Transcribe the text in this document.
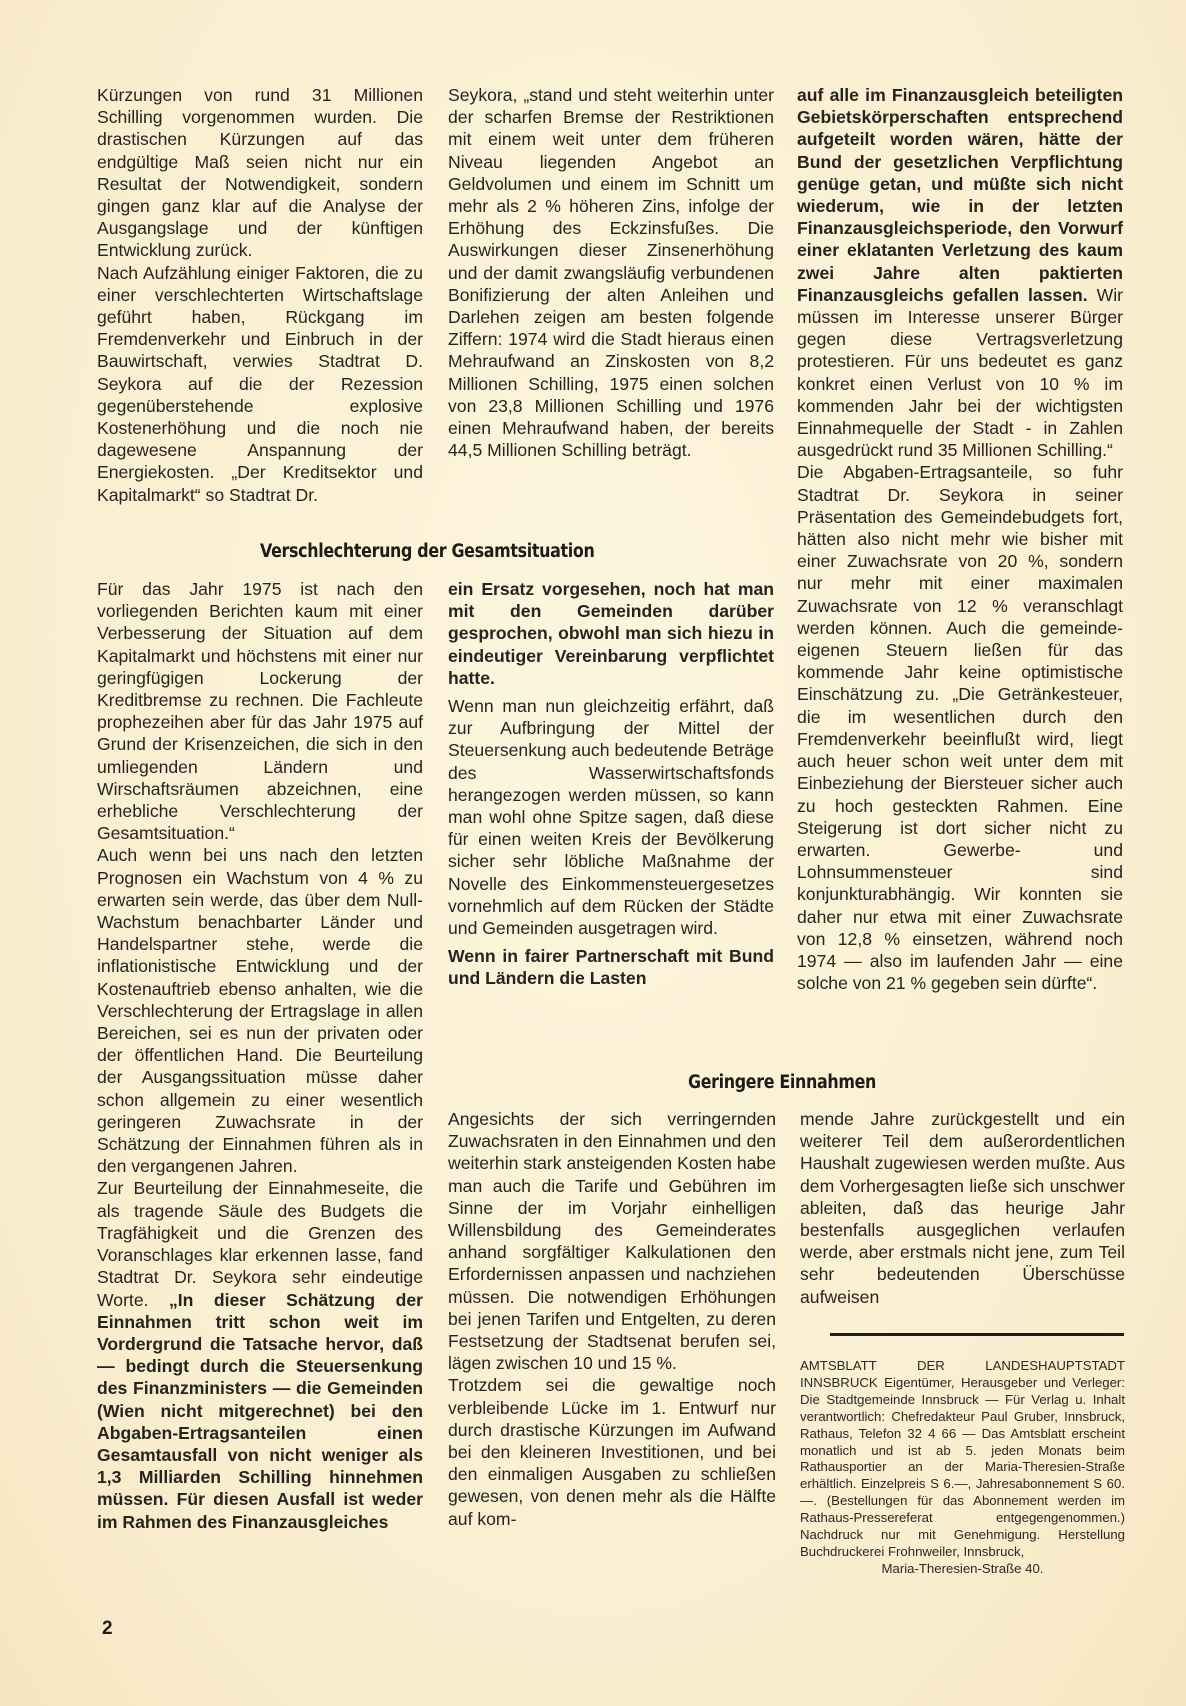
Kürzungen von rund 31 Millionen Schilling vorgenommen wurden. Die drastischen Kürzungen auf das endgültige Maß seien nicht nur ein Resultat der Notwendigkeit, sondern gingen ganz klar auf die Analyse der Ausgangslage und der künftigen Entwicklung zurück.

Nach Aufzählung einiger Faktoren, die zu einer verschlechterten Wirtschaftslage geführt haben, Rückgang im Fremdenverkehr und Einbruch in der Bauwirtschaft, verwies Stadtrat D. Seykora auf die der Rezession gegenüberstehende explosive Kostenerhöhung und die noch nie dagewesene Anspannung der Energiekosten. „Der Kreditsektor und Kapitalmarkt“ so Stadtrat Dr.

Seykora, „stand und steht weiterhin unter der scharfen Bremse der Restriktionen mit einem weit unter dem früheren Niveau liegenden Angebot an Geldvolumen und einem im Schnitt um mehr als 2 % höheren Zins, infolge der Erhöhung des Eckzinsfußes. Die Auswirkungen dieser Zinsenerhöhung und der damit zwangsläufig verbundenen Bonifizierung der alten Anleihen und Darlehen zeigen am besten folgende Ziffern: 1974 wird die Stadt hieraus einen Mehraufwand an Zinskosten von 8,2 Millionen Schilling, 1975 einen solchen von 23,8 Millionen Schilling und 1976 einen Mehraufwand haben, der bereits 44,5 Millionen Schilling beträgt.

auf alle im Finanzausgleich beteiligten Gebietskörperschaften entsprechend aufgeteilt worden wären, hätte der Bund der gesetzlichen Verpflichtung genüge getan, und müßte sich nicht wiederum, wie in der letzten Finanzausgleichsperiode, den Vorwurf einer eklatanten Verletzung des kaum zwei Jahre alten paktierten Finanzausgleichs gefallen lassen. Wir müssen im Interesse unserer Bürger gegen diese Vertragsverletzung protestieren. Für uns bedeutet es ganz konkret einen Verlust von 10 % im kommenden Jahr bei der wichtigsten Einnahmequelle der Stadt - in Zahlen ausgedrückt rund 35 Millionen Schilling.“

Die Abgaben-Ertragsanteile, so fuhr Stadtrat Dr. Seykora in seiner Präsentation des Gemeindebudgets fort, hätten also nicht mehr wie bisher mit einer Zuwachsrate von 20 %, sondern nur mehr mit einer maximalen Zuwachsrate von 12 % veranschlagt werden können. Auch die gemeinde-eigenen Steuern ließen für das kommende Jahr keine optimistische Einschätzung zu. „Die Getränkesteuer, die im wesentlichen durch den Fremdenverkehr beeinflußt wird, liegt auch heuer schon weit unter dem mit Einbeziehung der Biersteuer sicher auch zu hoch gesteckten Rahmen. Eine Steigerung ist dort sicher nicht zu erwarten. Gewerbe- und Lohnsummensteuer sind konjunkturabhängig. Wir konnten sie daher nur etwa mit einer Zuwachsrate von 12,8 % einsetzen, während noch 1974 — also im laufenden Jahr — eine solche von 21 % gegeben sein dürfte“.

Verschlechterung der Gesamtsituation

Für das Jahr 1975 ist nach den vorliegenden Berichten kaum mit einer Verbesserung der Situation auf dem Kapitalmarkt und höchstens mit einer nur geringfügigen Lockerung der Kreditbremse zu rechnen. Die Fachleute prophezeihen aber für das Jahr 1975 auf Grund der Krisenzeichen, die sich in den umliegenden Ländern und Wirschaftsräumen abzeichnen, eine erhebliche Verschlechterung der Gesamtsituation.“

Auch wenn bei uns nach den letzten Prognosen ein Wachstum von 4 % zu erwarten sein werde, das über dem Null-Wachstum benachbarter Länder und Handelspartner stehe, werde die inflationistische Entwicklung und der Kostenauftrieb ebenso anhalten, wie die Verschlechterung der Ertragslage in allen Bereichen, sei es nun der privaten oder der öffentlichen Hand. Die Beurteilung der Ausgangssituation müsse daher schon allgemein zu einer wesentlich geringeren Zuwachsrate in der Schätzung der Einnahmen führen als in den vergangenen Jahren.

Zur Beurteilung der Einnahmeseite, die als tragende Säule des Budgets die Tragfähigkeit und die Grenzen des Voranschlages klar erkennen lasse, fand Stadtrat Dr. Seykora sehr eindeutige Worte. „In dieser Schätzung der Einnahmen tritt schon weit im Vordergrund die Tatsache hervor, daß — bedingt durch die Steuersenkung des Finanzministers — die Gemeinden (Wien nicht mitgerechnet) bei den Abgaben-Ertragsanteilen einen Gesamtausfall von nicht weniger als 1,3 Milliarden Schilling hinnehmen müssen. Für diesen Ausfall ist weder im Rahmen des Finanzausgleiches

ein Ersatz vorgesehen, noch hat man mit den Gemeinden darüber gesprochen, obwohl man sich hiezu in eindeutiger Vereinbarung verpflichtet hatte.

Wenn man nun gleichzeitig erfährt, daß zur Aufbringung der Mittel der Steuersenkung auch bedeutende Beträge des Wasserwirtschaftsfonds herangezogen werden müssen, so kann man wohl ohne Spitze sagen, daß diese für einen weiten Kreis der Bevölkerung sicher sehr löbliche Maßnahme der Novelle des Einkommensteuergesetzes vornehmlich auf dem Rücken der Städte und Gemeinden ausgetragen wird.

Wenn in fairer Partnerschaft mit Bund und Ländern die Lasten

Geringere Einnahmen

Angesichts der sich verringernden Zuwachsraten in den Einnahmen und den weiterhin stark ansteigenden Kosten habe man auch die Tarife und Gebühren im Sinne der im Vorjahr einhelligen Willensbildung des Gemeinderates anhand sorgfältiger Kalkulationen den Erfordernissen anpassen und nachziehen müssen. Die notwendigen Erhöhungen bei jenen Tarifen und Entgelten, zu deren Festsetzung der Stadtsenat berufen sei, lägen zwischen 10 und 15 %.

Trotzdem sei die gewaltige noch verbleibende Lücke im 1. Entwurf nur durch drastische Kürzungen im Aufwand bei den kleineren Investitionen, und bei den einmaligen Ausgaben zu schließen gewesen, von denen mehr als die Hälfte auf kom-

mende Jahre zurückgestellt und ein weiterer Teil dem außerordentlichen Haushalt zugewiesen werden mußte. Aus dem Vorhergesagten ließe sich unschwer ableiten, daß das heurige Jahr bestenfalls ausgeglichen verlaufen werde, aber erstmals nicht jene, zum Teil sehr bedeutenden Überschüsse aufweisen

AMTSBLATT DER LANDESHAUPTSTADT INNSBRUCK Eigentümer, Herausgeber und Verleger: Die Stadtgemeinde Innsbruck — Für Verlag u. Inhalt verantwortlich: Chefredakteur Paul Gruber, Innsbruck, Rathaus, Telefon 32 4 66 — Das Amtsblatt erscheint monatlich und ist ab 5. jeden Monats beim Rathausportier an der Maria-Theresien-Straße erhältlich. Einzelpreis S 6.—, Jahresabonnement S 60.—. (Bestellungen für das Abonnement werden im Rathaus-Pressereferat entgegengenommen.) Nachdruck nur mit Genehmigung. Herstellung Buchdruckerei Frohnweiler, Innsbruck,
Maria-Theresien-Straße 40.
2
